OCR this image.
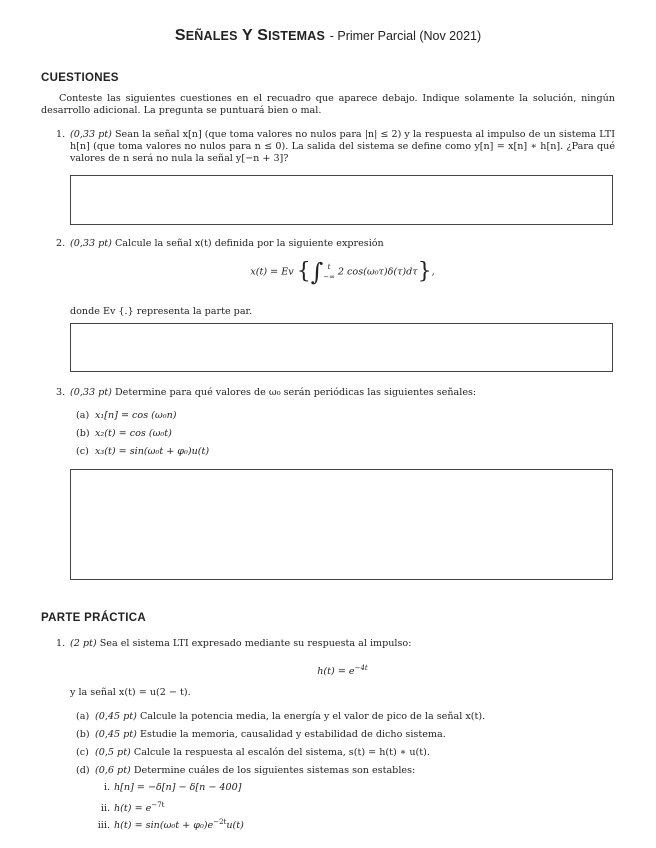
SEÑALES Y SISTEMAS - Primer Parcial (Nov 2021)
CUESTIONES
Conteste las siguientes cuestiones en el recuadro que aparece debajo. Indique solamente la solución, ningún desarrollo adicional. La pregunta se puntuará bien o mal.
1. (0,33 pt) Sean la señal x[n] (que toma valores no nulos para |n| ≤ 2) y la respuesta al impulso de un sistema LTI h[n] (que toma valores no nulos para n ≤ 0). La salida del sistema se define como y[n] = x[n] ∗ h[n]. ¿Para qué valores de n será no nula la señal y[−n + 3]?
2. (0,33 pt) Calcule la señal x(t) definida por la siguiente expresión
x(t) = Ev {∫ t
−∞ 2 cos(ω₀τ)δ(τ)dτ},
donde Ev {.} representa la parte par.
3. (0,33 pt) Determine para qué valores de ω₀ serán periódicas las siguientes señales:
(a) x₁[n] = cos (ω₀n)
(b) x₂(t) = cos (ω₀t)
(c) x₃(t) = sin(ω₀t + φ₀)u(t)
PARTE PRÁCTICA
1. (2 pt) Sea el sistema LTI expresado mediante su respuesta al impulso:
$h(t) = e^{-4t}$
y la señal x(t) = u(2 − t).
(a) (0,45 pt) Calcule la potencia media, la energía y el valor de pico de la señal x(t).
(b) (0,45 pt) Estudie la memoria, causalidad y estabilidad de dicho sistema.
(c) (0,5 pt) Calcule la respuesta al escalón del sistema, s(t) = h(t) ∗ u(t).
(d) (0,6 pt) Determine cuáles de los siguientes sistemas son estables:
i. h[n] = −δ[n] − δ[n − 400]
ii. $h(t) = e^{-7t}$
iii. $h(t) = \sin(\omega_0t + \varphi_0)e^{-2t}u(t)$
